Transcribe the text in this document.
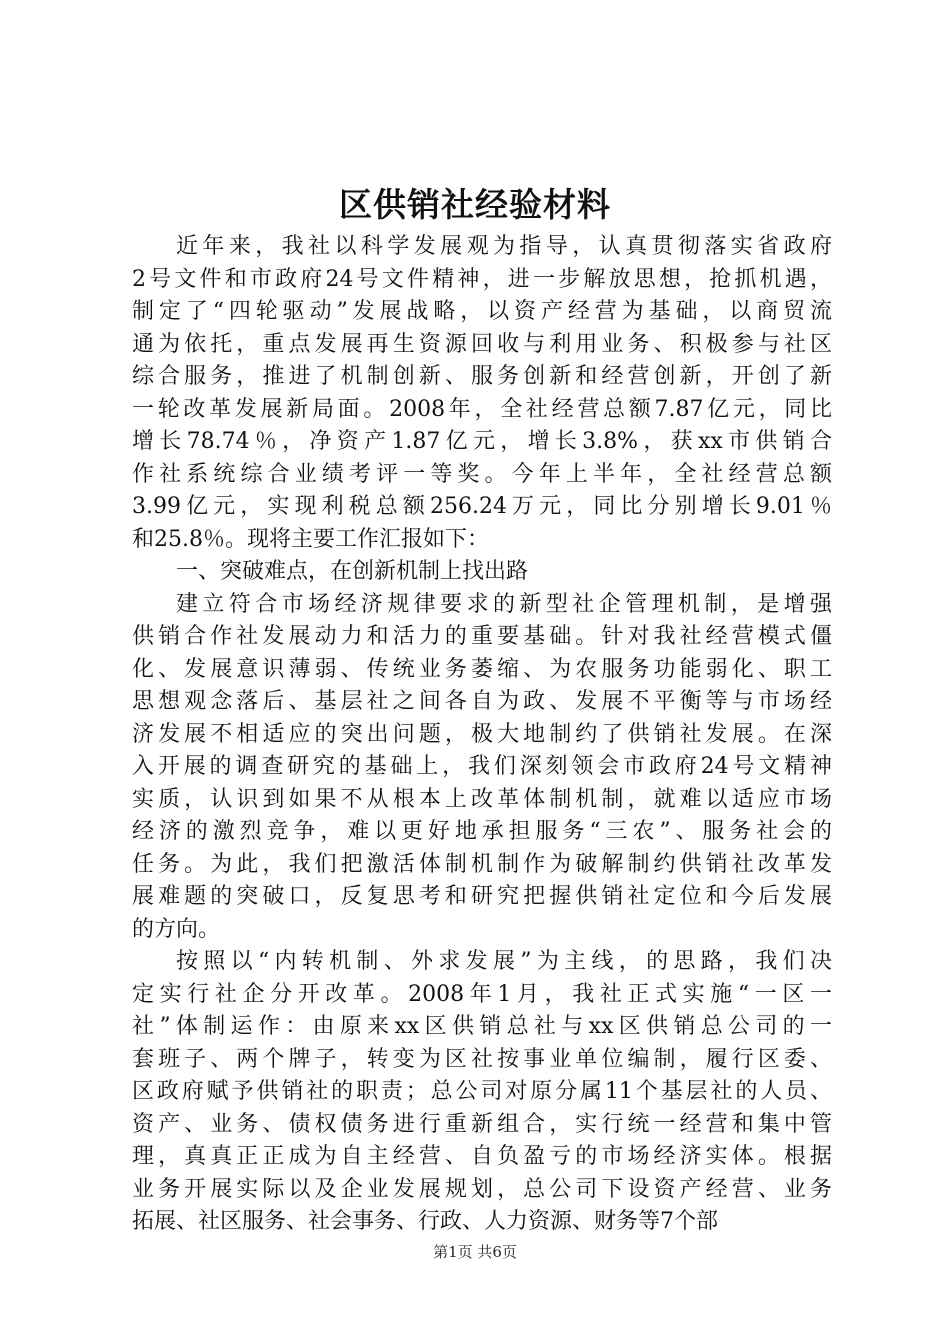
区供销社经验材料
近年来，我社以科学发展观为指导，认真贯彻落实省政府
2号文件和市政府24号文件精神，进一步解放思想，抢抓机遇，
制定了“四轮驱动”发展战略，以资产经营为基础，以商贸流
通为依托，重点发展再生资源回收与利用业务、积极参与社区
综合服务，推进了机制创新、服务创新和经营创新，开创了新
一轮改革发展新局面。2008年，全社经营总额7.87亿元，同比
增长78.74％，净资产1.87亿元，增长3.8%，获xx市供销合
作社系统综合业绩考评一等奖。今年上半年，全社经营总额
3.99亿元，实现利税总额256.24万元，同比分别增长9.01％
和25.8％。现将主要工作汇报如下：
一、突破难点，在创新机制上找出路
建立符合市场经济规律要求的新型社企管理机制，是增强
供销合作社发展动力和活力的重要基础。针对我社经营模式僵
化、发展意识薄弱、传统业务萎缩、为农服务功能弱化、职工
思想观念落后、基层社之间各自为政、发展不平衡等与市场经
济发展不相适应的突出问题，极大地制约了供销社发展。在深
入开展的调查研究的基础上，我们深刻领会市政府24号文精神
实质，认识到如果不从根本上改革体制机制，就难以适应市场
经济的激烈竞争，难以更好地承担服务“三农”、服务社会的
任务。为此，我们把激活体制机制作为破解制约供销社改革发
展难题的突破口，反复思考和研究把握供销社定位和今后发展
的方向。
按照以“内转机制、外求发展”为主线，的思路，我们决
定实行社企分开改革。2008年1月，我社正式实施“一区一
社”体制运作：由原来xx区供销总社与xx区供销总公司的一
套班子、两个牌子，转变为区社按事业单位编制，履行区委、
区政府赋予供销社的职责；总公司对原分属11个基层社的人员、
资产、业务、债权债务进行重新组合，实行统一经营和集中管
理，真真正正成为自主经营、自负盈亏的市场经济实体。根据
业务开展实际以及企业发展规划，总公司下设资产经营、业务
拓展、社区服务、社会事务、行政、人力资源、财务等7个部
第1页 共6页
